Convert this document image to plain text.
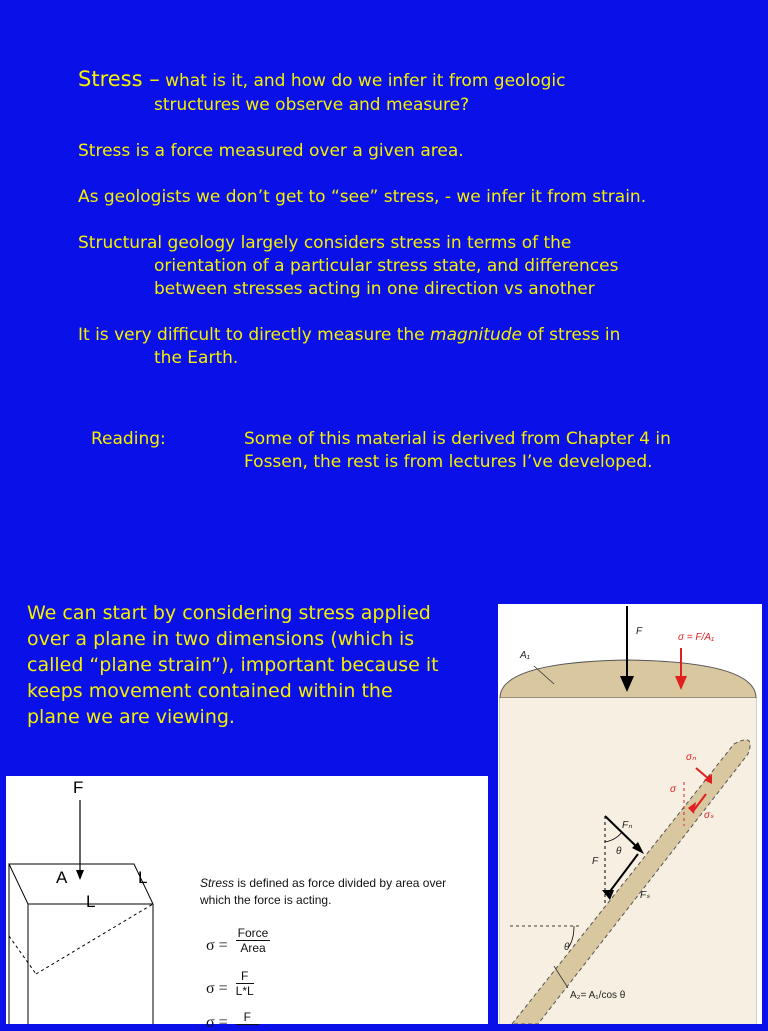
Stress – what is it, and how do we infer it from geologic
structures we observe and measure?
Stress is a force measured over a given area.
As geologists we don’t get to “see” stress, - we infer it from strain.
Structural geology largely considers stress in terms of the
orientation of a particular stress state, and differences
between stresses acting in one direction vs another
It is very difficult to directly measure the magnitude of stress in
the Earth.
Reading:	Some of this material is derived from Chapter 4 in
Fossen, the rest is from lectures I’ve developed.
We can start by considering stress applied
over a plane in two dimensions (which is
called “plane strain”), important because it
keeps movement contained within the
plane we are viewing.
F
A	L
L
Stress is defined as force divided by area over
which the force is acting.
σ =
Force
Area
$\sigma = \frac{F}{L*L}$
σ =	F
F
A₁
σ = F/A₁
σₙ
σ
σₛ
Fₙ
θ
F
Fₛ
θ
A₂= A₁/cos θ
